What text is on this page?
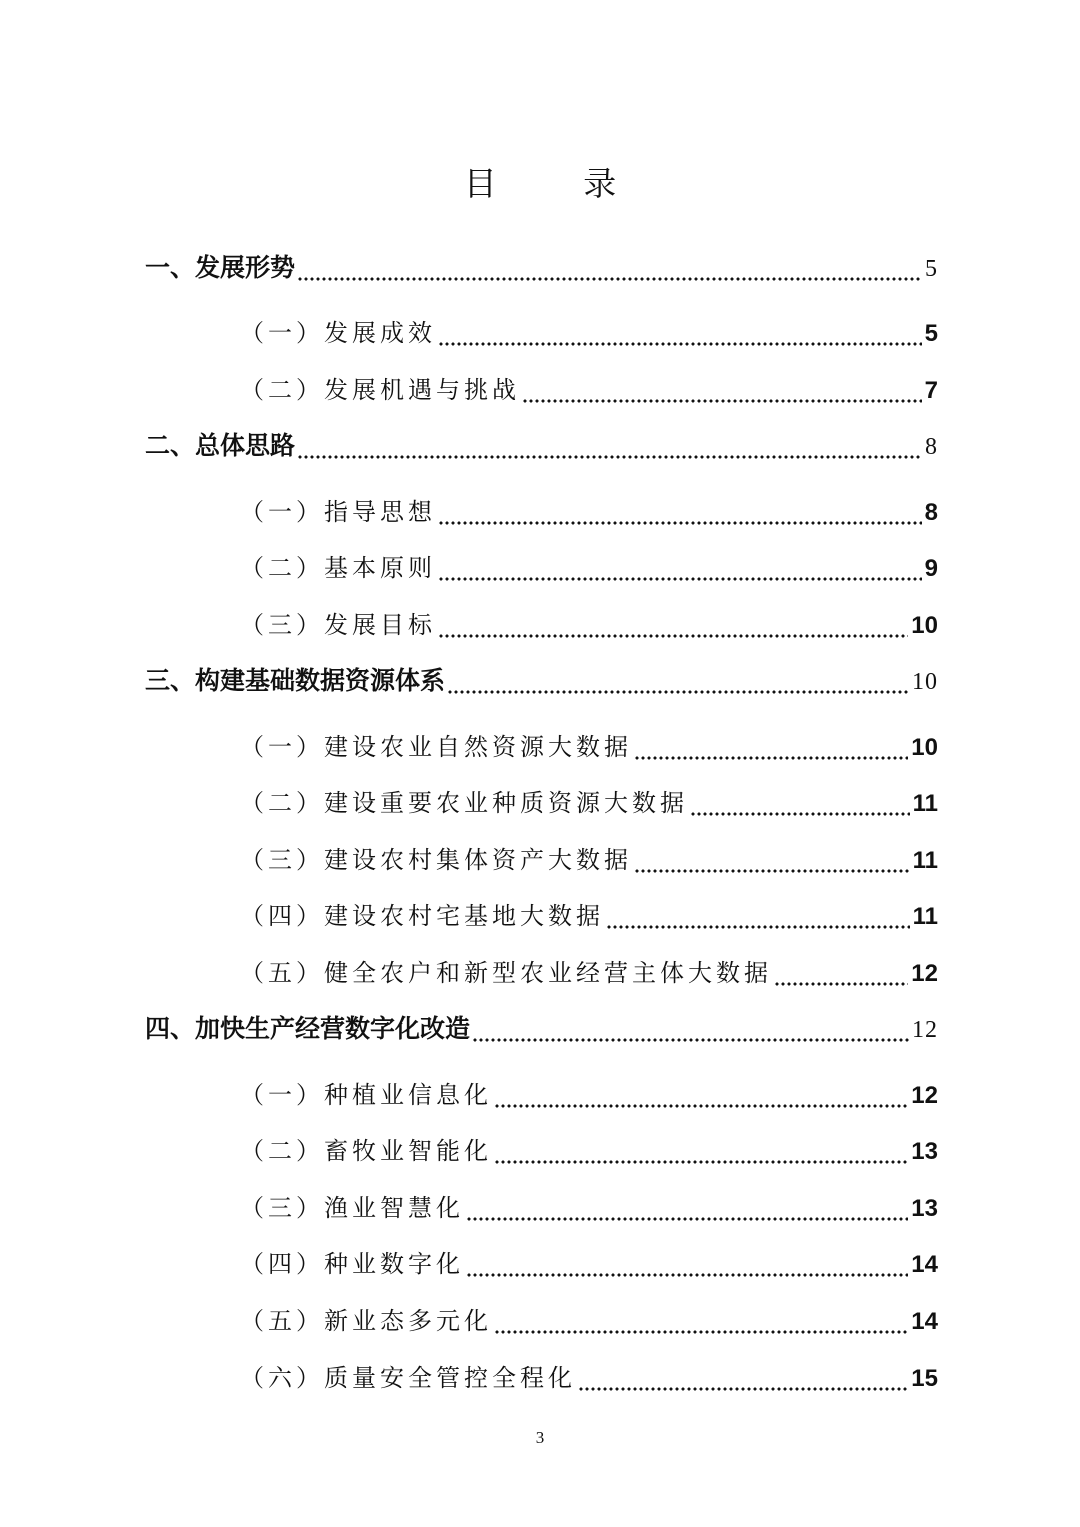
目 录
一、发展形势	5
（一）发展成效	5
（二）发展机遇与挑战	7
二、总体思路	8
（一）指导思想	8
（二）基本原则	9
（三）发展目标	10
三、构建基础数据资源体系	10
（一）建设农业自然资源大数据	10
（二）建设重要农业种质资源大数据	11
（三）建设农村集体资产大数据	11
（四）建设农村宅基地大数据	11
（五）健全农户和新型农业经营主体大数据	12
四、加快生产经营数字化改造	12
（一）种植业信息化	12
（二）畜牧业智能化	13
（三）渔业智慧化	13
（四）种业数字化	14
（五）新业态多元化	14
（六）质量安全管控全程化	15
3
